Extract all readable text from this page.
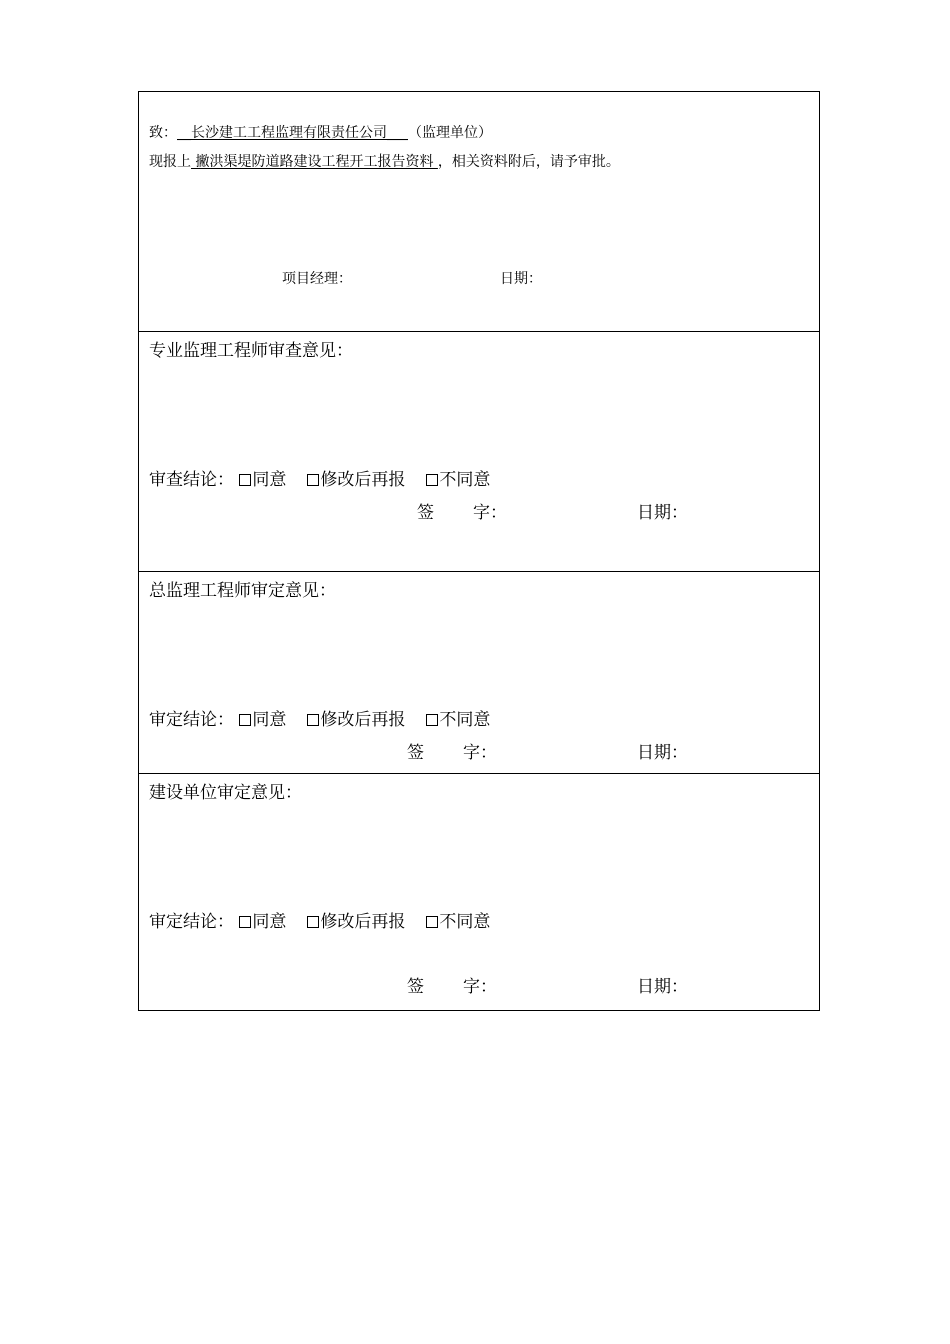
致：__长沙建工工程监理有限责任公司___（监理单位）
现报上 撇洪渠堤防道路建设工程开工报告资料 ，相关资料附后，请予审批。
项目经理：	日期：
专业监理工程师审查意见：
审查结论： 同意 修改后再报 不同意
签 字：	日期：
总监理工程师审定意见：
审定结论： 同意 修改后再报 不同意
签 字：	日期：
建设单位审定意见：
审定结论： 同意 修改后再报 不同意
签 字：	日期：
